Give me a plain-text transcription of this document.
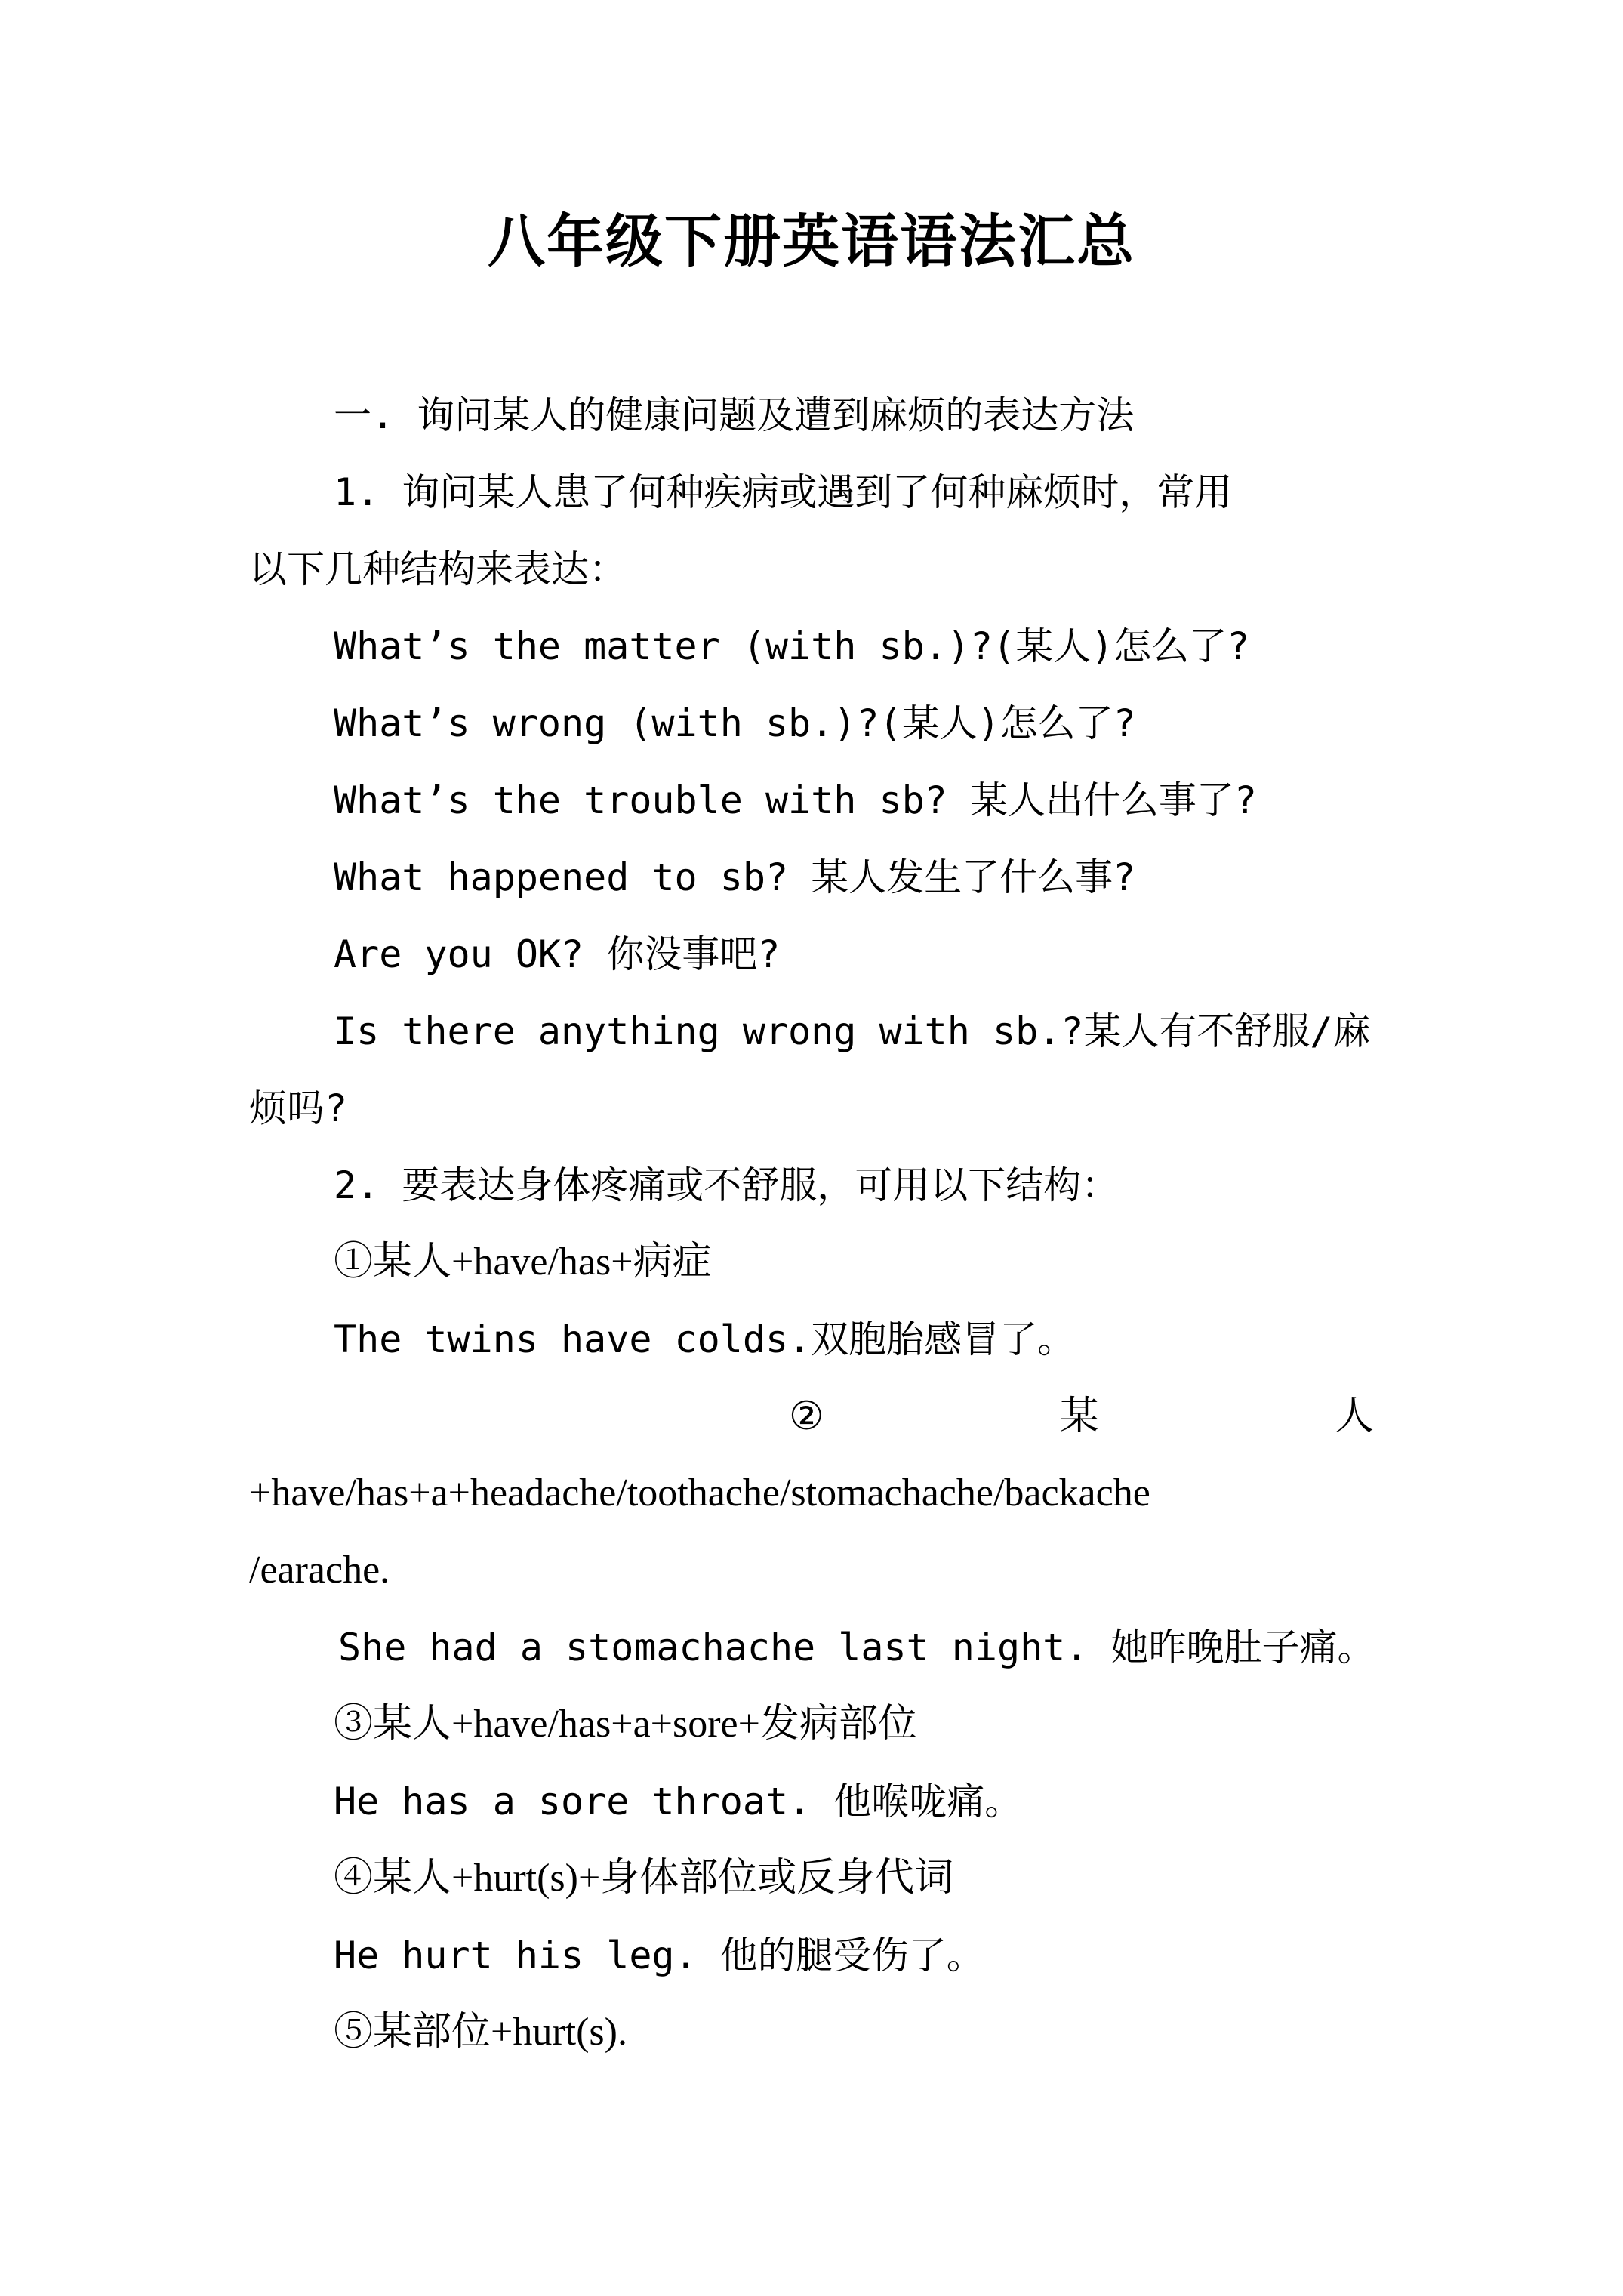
八年级下册英语语法汇总

一. 询问某人的健康问题及遭到麻烦的表达方法

1. 询问某人患了何种疾病或遇到了何种麻烦时，常用

以下几种结构来表达：

What’s the matter (with sb.)?(某人)怎么了?

What’s wrong (with sb.)?(某人)怎么了?

What’s the trouble with sb? 某人出什么事了?

What happened to sb? 某人发生了什么事?

Are you OK? 你没事吧?

Is there anything wrong with sb.?某人有不舒服/麻

烦吗?

2. 要表达身体疼痛或不舒服，可用以下结构：

①某人+have/has+病症

The twins have colds.双胞胎感冒了。

②	某	人

+have/has+a+headache/toothache/stomachache/backache

/earache.

She had a stomachache last night. 她昨晚肚子痛。

③某人+have/has+a+sore+发病部位

He has a sore throat. 他喉咙痛。

④某人+hurt(s)+身体部位或反身代词

He hurt his leg. 他的腿受伤了。

⑤某部位+hurt(s).
